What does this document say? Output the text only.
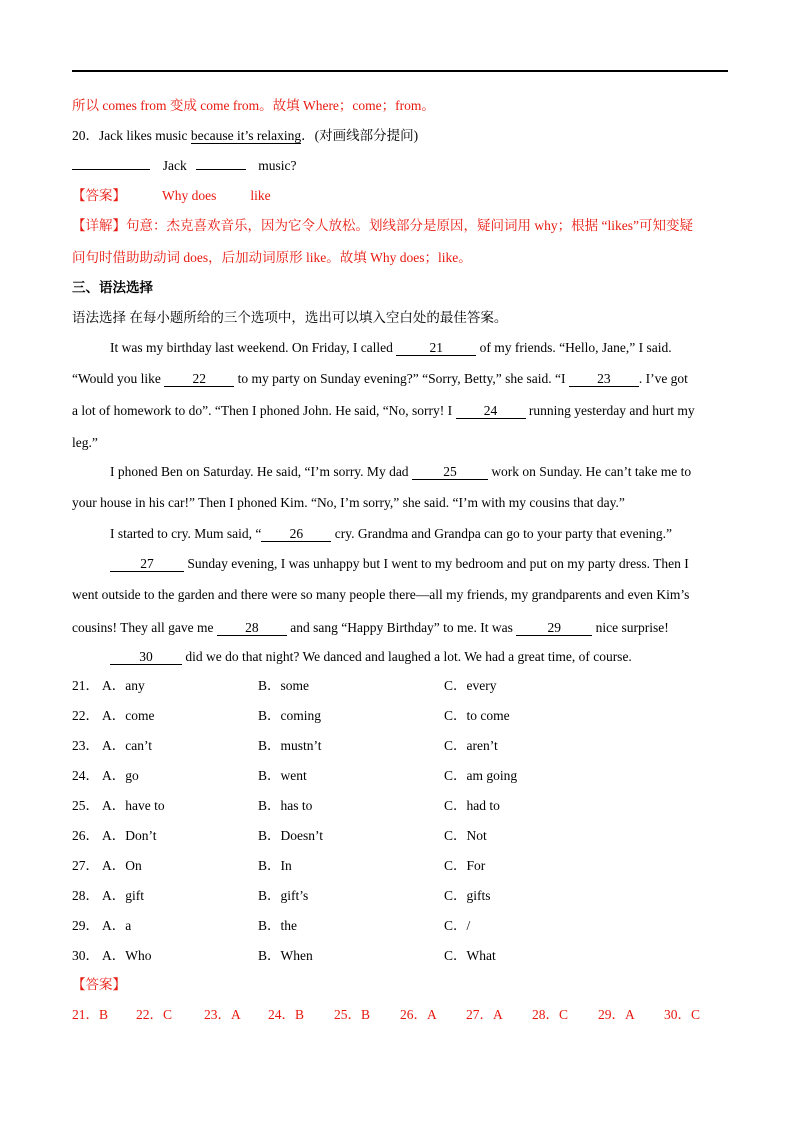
所以 comes from 变成 come from。故填 Where；come；from。
20．Jack likes music because it’s relaxing．(对画线部分提问)
Jack	music?
【答案】	Why does	like
【详解】句意：杰克喜欢音乐，因为它令人放松。划线部分是原因，疑问词用 why；根据 “likes”可知变疑
问句时借助助动词 does，后加动词原形 like。故填 Why does；like。
三、语法选择
语法选择 在每小题所给的三个选项中，选出可以填入空白处的最佳答案。
It was my birthday last weekend. On Friday, I called 21 of my friends. “Hello, Jane,” I said.
“Would you like 22 to my party on Sunday evening?” “Sorry, Betty,” she said. “I 23 . I’ve got
a lot of homework to do”. “Then I phoned John. He said, “No, sorry! I 24 running yesterday and hurt my
leg.”
I phoned Ben on Saturday. He said, “I’m sorry. My dad 25 work on Sunday. He can’t take me to
your house in his car!” Then I phoned Kim. “No, I’m sorry,” she said. “I’m with my cousins that day.”
I started to cry. Mum said, “ 26 cry. Grandma and Grandpa can go to your party that evening.”
27 Sunday evening, I was unhappy but I went to my bedroom and put on my party dress. Then I
went outside to the garden and there were so many people there—all my friends, my grandparents and even Kim’s
cousins! They all gave me 28 and sang “Happy Birthday” to me. It was 29 nice surprise!
30 did we do that night? We danced and laughed a lot. We had a great time, of course.
21． A．any	B．some	C．every
22． A．come	B．coming	C．to come
23． A．can’t	B．mustn’t	C．aren’t
24． A．go	B．went	C．am going
25． A．have to	B．has to	C．had to
26． A．Don’t	B．Doesn’t	C．Not
27． A．On	B．In	C．For
28． A．gift	B．gift’s	C．gifts
29． A．a	B．the	C．/
30． A．Who	B．When	C．What
【答案】
21．B 22．C 23．A 24．B 25．B 26．A 27．A 28．C 29．A 30．C
